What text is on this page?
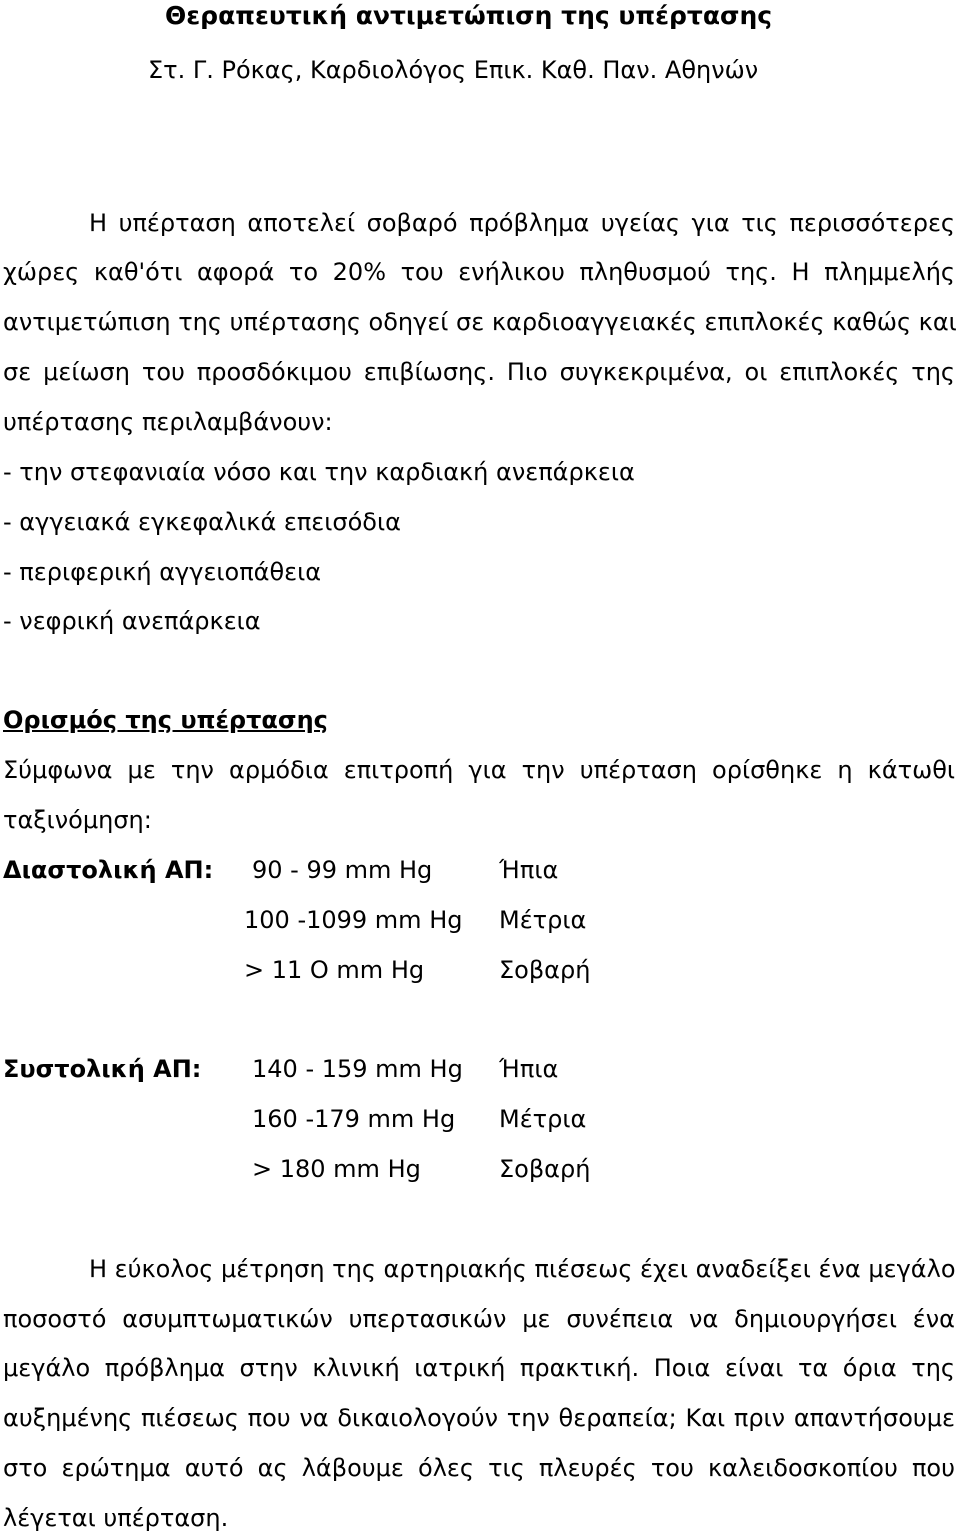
Θεραπευτική αντιμετώπιση της υπέρτασης

Στ. Γ. Ρόκας, Καρδιολόγος Επικ. Καθ. Παν. Αθηνών

Η υπέρταση αποτελεί σοβαρό πρόβλημα υγείας για τις περισσότερες

χώρες καθ'ότι αφορά το 20% του ενήλικου πληθυσμού της. Η πλημμελής

αντιμετώπιση της υπέρτασης οδηγεί σε καρδιοαγγειακές επιπλοκές καθώς και

σε μείωση του προσδόκιμου επιβίωσης. Πιο συγκεκριμένα, οι επιπλοκές της

υπέρτασης περιλαμβάνουν:

- την στεφανιαία νόσο και την καρδιακή ανεπάρκεια

- αγγειακά εγκεφαλικά επεισόδια

- περιφερική αγγειοπάθεια

- νεφρική ανεπάρκεια

Ορισμός της υπέρτασης

Σύμφωνα με την αρμόδια επιτροπή για την υπέρταση ορίσθηκε η κάτωθι

ταξινόμηση:

Διαστολική ΑΠ: 90 - 99 mm Hg	Ήπια

100 -1099 mm Hg Μέτρια

> 11 O mm Hg	Σοβαρή

Συστολική ΑΠ: 140 - 159 mm Hg Ήπια

160 -179 mm Hg Μέτρια

> 180 mm Hg	Σοβαρή

Η εύκολος μέτρηση της αρτηριακής πιέσεως έχει αναδείξει ένα μεγάλο

ποσοστό ασυμπτωματικών υπερτασικών με συνέπεια να δημιουργήσει ένα

μεγάλο πρόβλημα στην κλινική ιατρική πρακτική. Ποια είναι τα όρια της

αυξημένης πιέσεως που να δικαιολογούν την θεραπεία; Και πριν απαντήσουμε

στο ερώτημα αυτό ας λάβουμε όλες τις πλευρές του καλειδοσκοπίου που

λέγεται υπέρταση.
